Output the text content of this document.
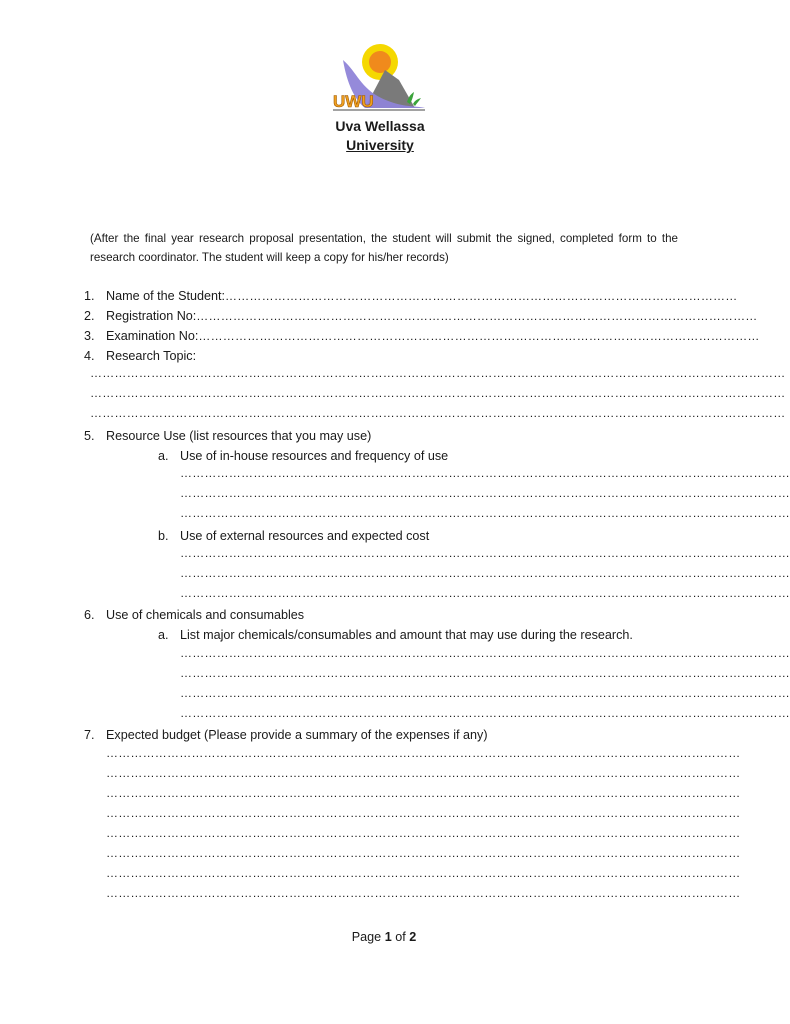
UWU
Uva Wellassa
University
(After the final year research proposal presentation, the student will submit the signed, completed form to the research coordinator. The student will keep a copy for his/her records)
1. Name of the Student:………………………………………………………………………………………………………………
2. Registration No:…………………………………………………………………………………………………………………………
3. Examination No:…………………………………………………………………………………………………………………………
4. Research Topic:
………………………………………………………………………………………………………………………………………………………
………………………………………………………………………………………………………………………………………………………
………………………………………………………………………………………………………………………………………………………
5. Resource Use (list resources that you may use)
a. Use of in-house resources and frequency of use
……………………………………………………………………………………………………………………………………
……………………………………………………………………………………………………………………………………
……………………………………………………………………………………………………………………………………
b. Use of external resources and expected cost
……………………………………………………………………………………………………………………………………
……………………………………………………………………………………………………………………………………
……………………………………………………………………………………………………………………………………
6. Use of chemicals and consumables
a. List major chemicals/consumables and amount that may use during the research.
……………………………………………………………………………………………………………………………………
……………………………………………………………………………………………………………………………………
……………………………………………………………………………………………………………………………………
……………………………………………………………………………………………………………………………………
7. Expected budget (Please provide a summary of the expenses if any)
…………………………………………………………………………………………………………………………………………
…………………………………………………………………………………………………………………………………………
…………………………………………………………………………………………………………………………………………
…………………………………………………………………………………………………………………………………………
…………………………………………………………………………………………………………………………………………
…………………………………………………………………………………………………………………………………………
…………………………………………………………………………………………………………………………………………
…………………………………………………………………………………………………………………………………………
Page 1 of 2
